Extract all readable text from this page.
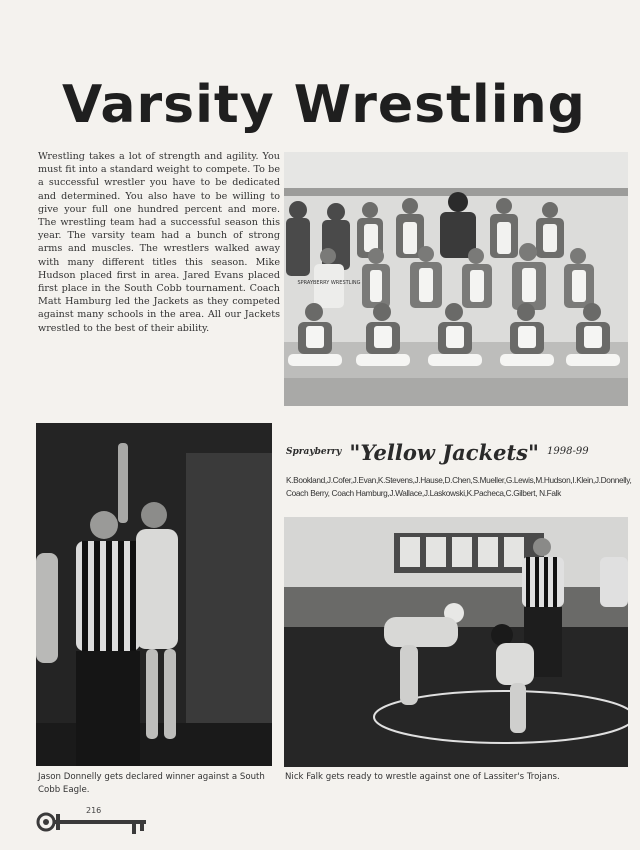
Varsity Wrestling

Wrestling takes a lot of strength and agility. You must fit into a standard weight to compete. To be a successful wrestler you have to be dedicated and determined. You also have to be willing to give your full one hundred percent and more. The wrestling team had a successful season this year. The varsity team had a bunch of strong arms and muscles. The wrestlers walked away with many different titles this season. Mike Hudson placed first in area. Jared Evans placed first place in the South Cobb tournament. Coach Matt Hamburg led the Jackets as they competed against many schools in the area. All our Jackets wrestled to the best of their ability.

SPRAYBERRY WRESTLING
$^{Sprayberry}$ "Yellow Jackets" $^{1998-99}$

K.Bookland,J.Cofer,J.Evan,K.Stevens,J.Hause,D.Chen,S.Mueller,G.Lewis,M.Hudson,I.Klein,J.Donnelly,
Coach Berry, Coach Hamburg,J.Wallace,J.Laskowski,K.Pacheca,C.Gilbert, N.Falk

Jason Donnelly gets declared winner against a South Cobb Eagle.

Nick Falk gets ready to wrestle against one of Lassiter's Trojans.

216
